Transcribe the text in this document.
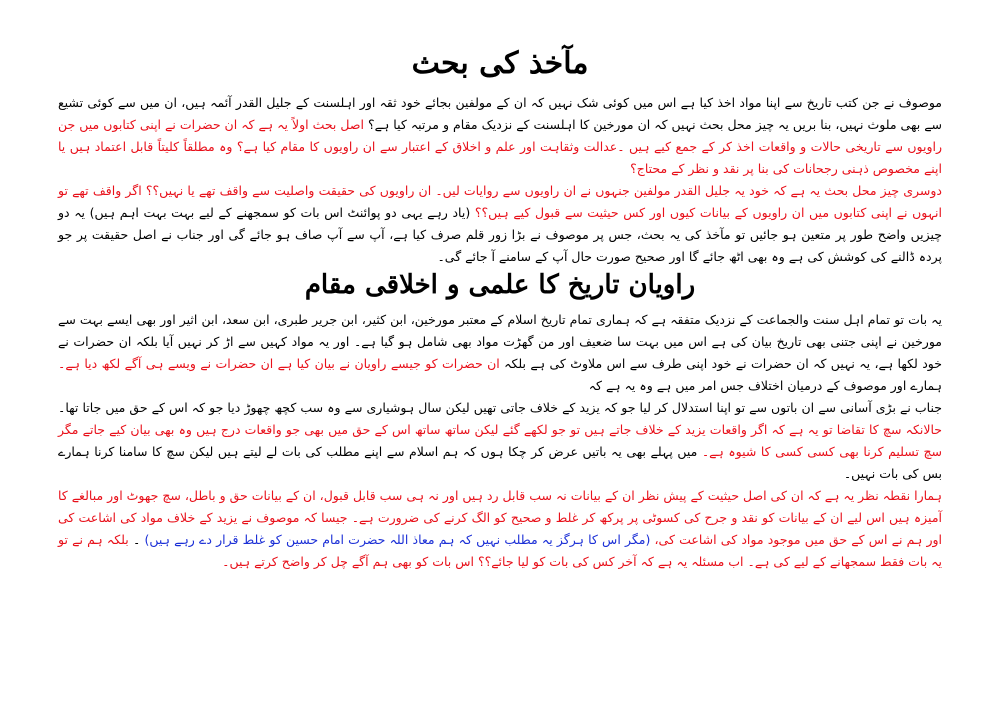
مآخذ کی بحث

موصوف نے جن کتب تاریخ سے اپنا مواد اخذ کیا ہے اس میں کوئی شک نہیں کہ ان کے مولفین بجائے خود ثقہ اور اہلسنت کے جلیل القدر آئمہ ہیں، ان میں سے کوئی تشیع سے بھی ملوث نہیں، بنا بریں یہ چیز محل بحث نہیں کہ ان مورخین کا اہلسنت کے نزدیک مقام و مرتبہ کیا ہے؟ اصل بحث اولاً یہ ہے کہ ان حضرات نے اپنی کتابوں میں جن راویوں سے تاریخی حالات و واقعات اخذ کر کے جمع کیے ہیں ۔عدالت وثقاہت اور علم و اخلاق کے اعتبار سے ان راویوں کا مقام کیا ہے؟ وہ مطلقاً کلیتاً قابل اعتماد ہیں یا اپنے مخصوص ذہنی رجحانات کی بنا پر نقد و نظر کے محتاج؟

دوسری چیز محل بحث یہ ہے کہ خود یہ جلیل القدر مولفین جنہوں نے ان راویوں سے روایات لیں۔ ان راویوں کی حقیقت واصلیت سے واقف تھے یا نہیں؟؟ اگر واقف تھے تو انہوں نے اپنی کتابوں میں ان راویوں کے بیانات کیوں اور کس حیثیت سے قبول کیے ہیں؟؟ (یاد رہے یہی دو پوائنٹ اس بات کو سمجھنے کے لیے بہت بہت اہم ہیں) یہ دو چیزیں واضح طور پر متعین ہو جائیں تو مآخذ کی یہ بحث، جس پر موصوف نے بڑا زور قلم صرف کیا ہے، آپ سے آپ صاف ہو جائے گی اور جناب نے اصل حقیقت پر جو پردہ ڈالنے کی کوشش کی ہے وہ بھی اٹھ جائے گا اور صحیح صورت حال آپ کے سامنے آ جائے گی۔

راویان تاریخ کا علمی و اخلاقی مقام

یہ بات تو تمام اہل سنت والجماعت کے نزدیک متفقہ ہے کہ ہماری تمام تاریخ اسلام کے معتبر مورخین، ابن کثیر، ابن جریر طبری، ابن سعد، ابن اثیر اور بھی ایسے بہت سے مورخین نے اپنی جتنی بھی تاریخ بیان کی ہے اس میں بہت سا ضعیف اور من گھڑت مواد بھی شامل ہو گیا ہے۔ اور یہ مواد کہیں سے اڑ کر نہیں آیا بلکہ ان حضرات نے خود لکھا ہے، یہ نہیں کہ ان حضرات نے خود اپنی طرف سے اس ملاوٹ کی ہے بلکہ ان حضرات کو جیسے راویان نے بیان کیا ہے ان حضرات نے ویسے ہی آگے لکھ دیا ہے۔ ہمارے اور موصوف کے درمیان اختلاف جس امر میں ہے وہ یہ ہے کہ

جناب نے بڑی آسانی سے ان باتوں سے تو اپنا استدلال کر لیا جو کہ یزید کے خلاف جاتی تھیں لیکن سال ہوشیاری سے وہ سب کچھ چھوڑ دیا جو کہ اس کے حق میں جاتا تھا۔ حالانکہ سچ کا تقاضا تو یہ ہے کہ اگر واقعات یزید کے خلاف جاتے ہیں تو جو لکھے گئے لیکن ساتھ ساتھ اس کے حق میں بھی جو واقعات درج ہیں وہ بھی بیان کیے جاتے مگر سچ تسلیم کرنا بھی کسی کسی کا شیوہ ہے۔ میں پہلے بھی یہ باتیں عرض کر چکا ہوں کہ ہم اسلام سے اپنے مطلب کی بات لے لیتے ہیں لیکن سچ کا سامنا کرنا ہمارے بس کی بات نہیں۔

ہمارا نقطہ نظر یہ ہے کہ ان کی اصل حیثیت کے پیش نظر ان کے بیانات نہ سب قابل رد ہیں اور نہ ہی سب قابل قبول، ان کے بیانات حق و باطل، سچ جھوٹ اور مبالغے کا آمیزہ ہیں اس لیے ان کے بیانات کو نقد و جرح کی کسوٹی پر پرکھ کر غلط و صحیح کو الگ کرنے کی ضرورت ہے۔ جیسا کہ موصوف نے یزید کے خلاف مواد کی اشاعت کی اور ہم نے اس کے حق میں موجود مواد کی اشاعت کی، (مگر اس کا ہرگز یہ مطلب نہیں کہ ہم معاذ اللہ حضرت امام حسین کو غلط قرار دے رہے ہیں) ۔ بلکہ ہم نے تو یہ بات فقط سمجھانے کے لیے کی ہے۔ اب مسئلہ یہ ہے کہ آخر کس کی بات کو لیا جائے؟؟ اس بات کو بھی ہم آگے چل کر واضح کرتے ہیں۔
